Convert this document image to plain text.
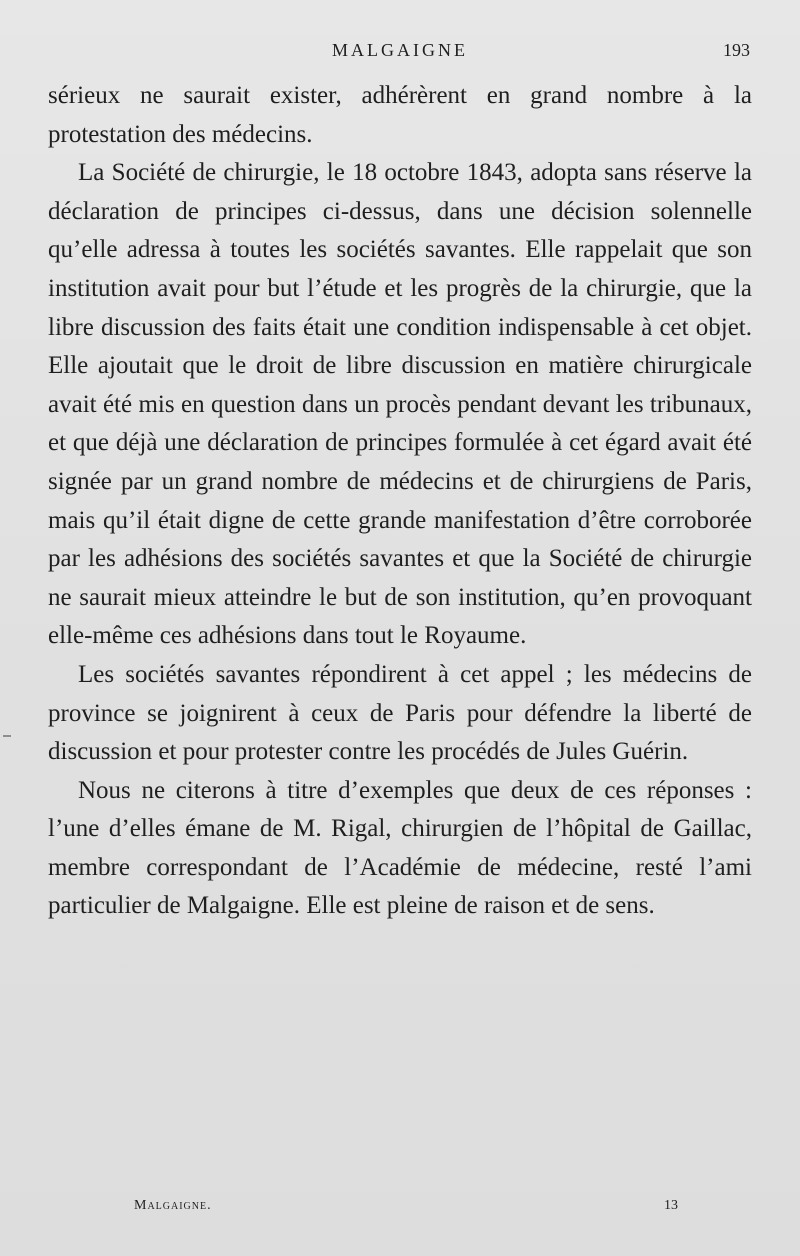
MALGAIGNE	193

sérieux ne saurait exister, adhérèrent en grand nombre à la protestation des médecins.

La Société de chirurgie, le 18 octobre 1843, adopta sans réserve la déclaration de principes ci-dessus, dans une décision solennelle qu’elle adressa à toutes les sociétés savantes. Elle rappelait que son institution avait pour but l’étude et les progrès de la chirurgie, que la libre discussion des faits était une condition indispensable à cet objet. Elle ajoutait que le droit de libre discussion en matière chirurgicale avait été mis en question dans un procès pendant devant les tribunaux, et que déjà une déclaration de principes formulée à cet égard avait été signée par un grand nombre de médecins et de chirurgiens de Paris, mais qu’il était digne de cette grande manifestation d’être corroborée par les adhésions des sociétés savantes et que la Société de chirurgie ne saurait mieux atteindre le but de son institution, qu’en provoquant elle-même ces adhésions dans tout le Royaume.

Les sociétés savantes répondirent à cet appel ; les médecins de province se joignirent à ceux de Paris pour défendre la liberté de discussion et pour protester contre les procédés de Jules Guérin.

Nous ne citerons à titre d’exemples que deux de ces réponses : l’une d’elles émane de M. Rigal, chirurgien de l’hôpital de Gaillac, membre correspondant de l’Académie de médecine, resté l’ami particulier de Malgaigne. Elle est pleine de raison et de sens.

Malgaigne.	13
